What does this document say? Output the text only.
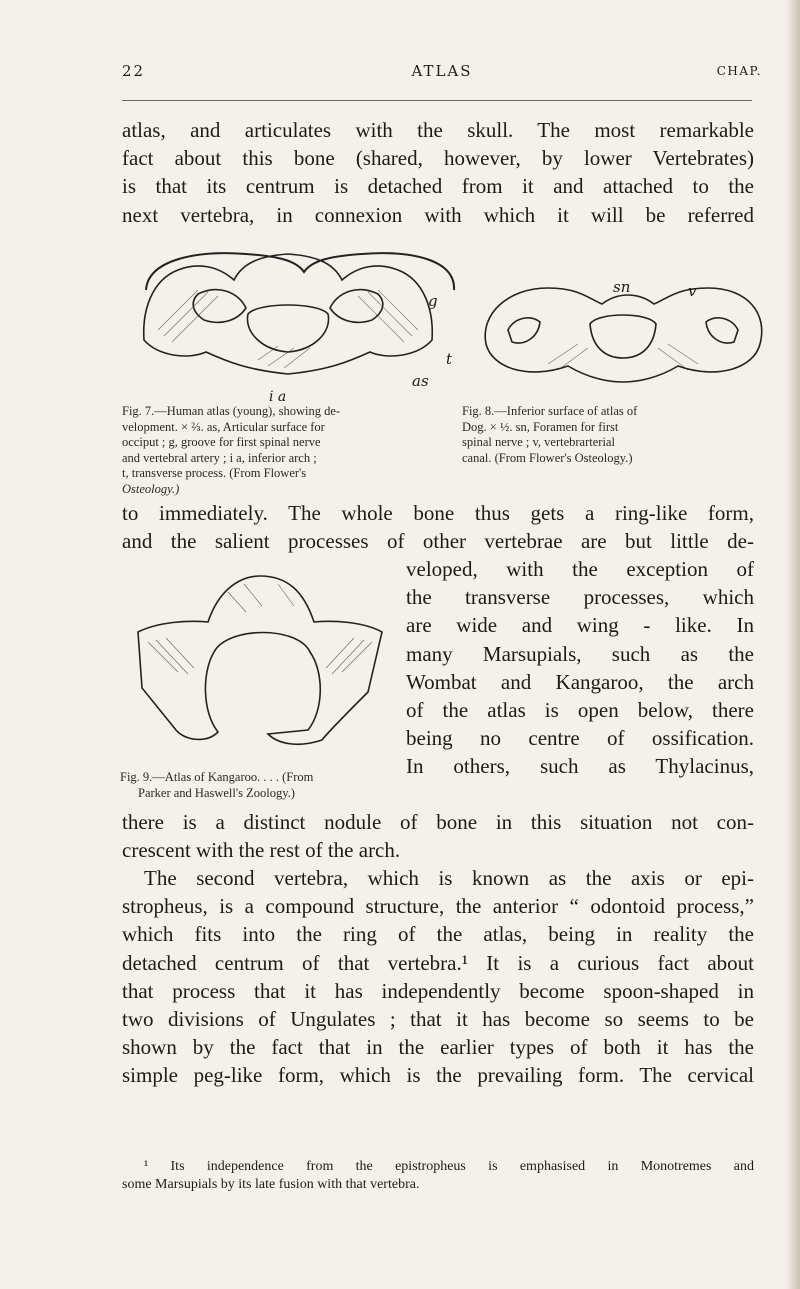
22	ATLAS	CHAP.
atlas, and articulates with the skull. The most remarkable
fact about this bone (shared, however, by lower Vertebrates)
is that its centrum is detached from it and attached to the
next vertebra, in connexion with which it will be referred
g
t
as
i a
sn	v
Fig. 7.—Human atlas (young), showing de-
velopment. × ⅔. as, Articular surface for
occiput ; g, groove for first spinal nerve
and vertebral artery ; i a, inferior arch ;
t, transverse process. (From Flower's
Osteology.)
Fig. 8.—Inferior surface of atlas of
Dog. × ½. sn, Foramen for first
spinal nerve ; v, vertebrarterial
canal. (From Flower's Osteology.)
to immediately. The whole bone thus gets a ring-like form,
and the salient processes of other vertebrae are but little de-
veloped, with the exception of
the transverse processes, which
are wide and wing - like. In
many Marsupials, such as the
Wombat and Kangaroo, the arch
of the atlas is open below, there
being no centre of ossification.
In others, such as Thylacinus,
Fig. 9.—Atlas of Kangaroo. . . . (From
Parker and Haswell's Zoology.)
there is a distinct nodule of bone in this situation not con-
crescent with the rest of the arch.
The second vertebra, which is known as the axis or epi-
stropheus, is a compound structure, the anterior “ odontoid process,”
which fits into the ring of the atlas, being in reality the
detached centrum of that vertebra.¹ It is a curious fact about
that process that it has independently become spoon-shaped in
two divisions of Ungulates ; that it has become so seems to be
shown by the fact that in the earlier types of both it has the
simple peg-like form, which is the prevailing form. The cervical
¹ Its independence from the epistropheus is emphasised in Monotremes and
some Marsupials by its late fusion with that vertebra.
